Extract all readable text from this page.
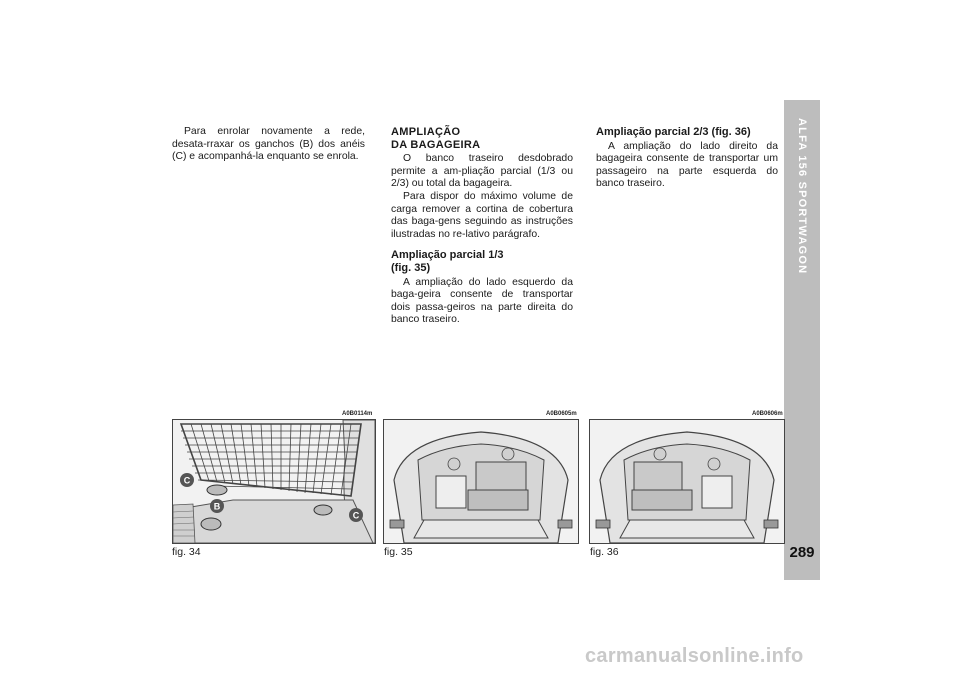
ALFA 156 SPORTWAGON
289

Para enrolar novamente a rede, desata-rraxar os ganchos (B) dos anéis (C) e acompanhá-la enquanto se enrola.

AMPLIAÇÃO
DA BAGAGEIRA

O banco traseiro desdobrado permite a am-pliação parcial (1/3 ou 2/3) ou total da bagageira.

Para dispor do máximo volume de carga remover a cortina de cobertura das baga-gens seguindo as instruções ilustradas no re-lativo parágrafo.

Ampliação parcial 1/3
(fig. 35)

A ampliação do lado esquerdo da baga-geira consente de transportar dois passa-geiros na parte direita do banco traseiro.

Ampliação parcial 2/3 (fig. 36)

A ampliação do lado direito da bagageira consente de transportar um passageiro na parte esquerda do banco traseiro.

A0B0114m
C
B
C
fig. 34
A0B0605m
fig. 35
A0B0606m
fig. 36
carmanualsonline.info
